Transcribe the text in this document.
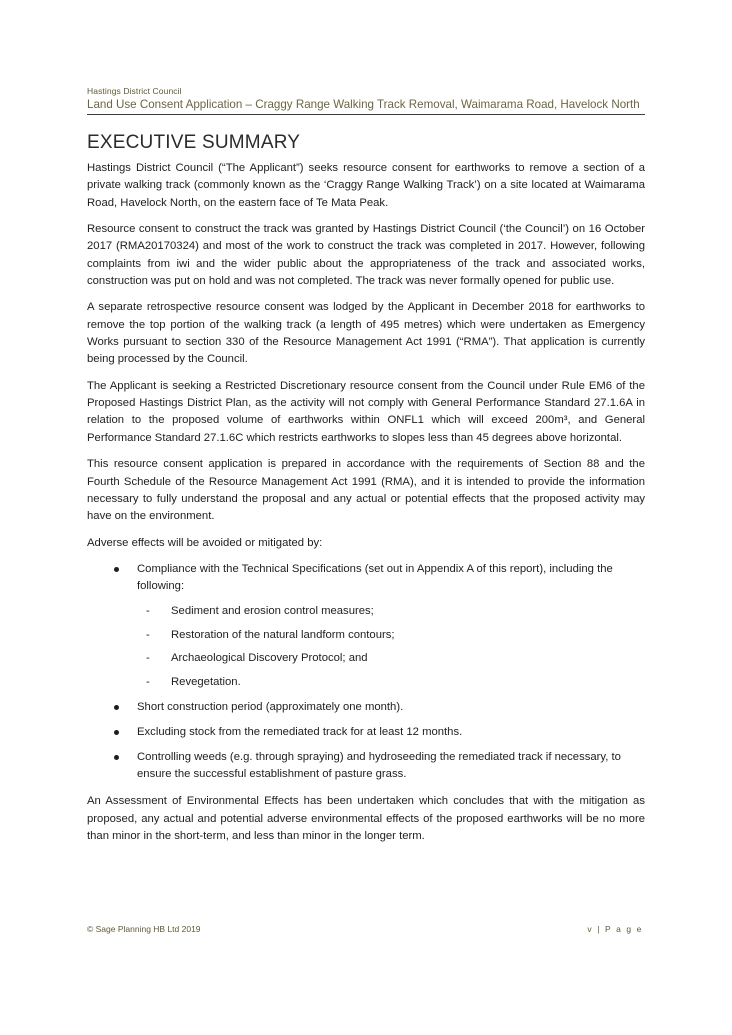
Hastings District Council
Land Use Consent Application – Craggy Range Walking Track Removal, Waimarama Road, Havelock North
EXECUTIVE SUMMARY

Hastings District Council (“The Applicant”) seeks resource consent for earthworks to remove a section of a private walking track (commonly known as the ‘Craggy Range Walking Track’) on a site located at Waimarama Road, Havelock North, on the eastern face of Te Mata Peak.

Resource consent to construct the track was granted by Hastings District Council (‘the Council’) on 16 October 2017 (RMA20170324) and most of the work to construct the track was completed in 2017. However, following complaints from iwi and the wider public about the appropriateness of the track and associated works, construction was put on hold and was not completed. The track was never formally opened for public use.

A separate retrospective resource consent was lodged by the Applicant in December 2018 for earthworks to remove the top portion of the walking track (a length of 495 metres) which were undertaken as Emergency Works pursuant to section 330 of the Resource Management Act 1991 (“RMA”). That application is currently being processed by the Council.

The Applicant is seeking a Restricted Discretionary resource consent from the Council under Rule EM6 of the Proposed Hastings District Plan, as the activity will not comply with General Performance Standard 27.1.6A in relation to the proposed volume of earthworks within ONFL1 which will exceed 200m³, and General Performance Standard 27.1.6C which restricts earthworks to slopes less than 45 degrees above horizontal.

This resource consent application is prepared in accordance with the requirements of Section 88 and the Fourth Schedule of the Resource Management Act 1991 (RMA), and it is intended to provide the information necessary to fully understand the proposal and any actual or potential effects that the proposed activity may have on the environment.

Adverse effects will be avoided or mitigated by:

Compliance with the Technical Specifications (set out in Appendix A of this report), including the following:
- Sediment and erosion control measures;
- Restoration of the natural landform contours;
- Archaeological Discovery Protocol; and
- Revegetation.
Short construction period (approximately one month).
Excluding stock from the remediated track for at least 12 months.
Controlling weeds (e.g. through spraying) and hydroseeding the remediated track if necessary, to ensure the successful establishment of pasture grass.

An Assessment of Environmental Effects has been undertaken which concludes that with the mitigation as proposed, any actual and potential adverse environmental effects of the proposed earthworks will be no more than minor in the short-term, and less than minor in the longer term.

© Sage Planning HB Ltd 2019	v | P a g e
